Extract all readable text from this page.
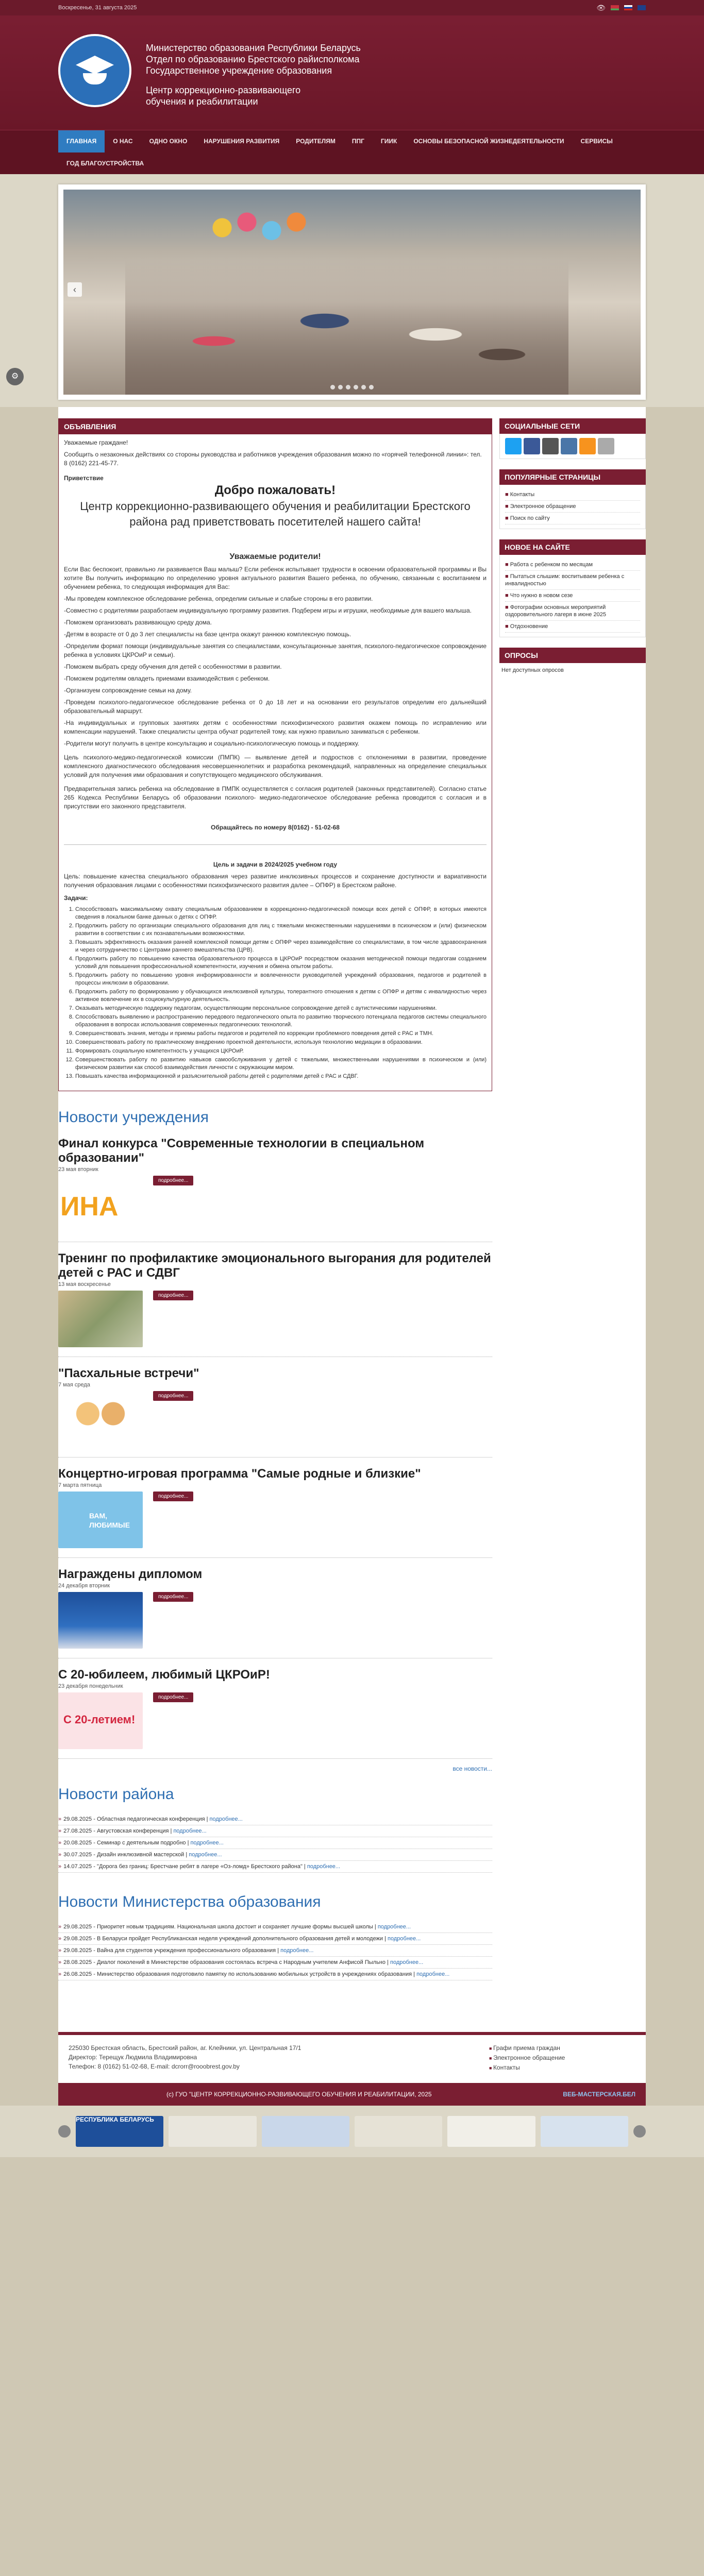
Воскресенье, 31 августа 2025	👁
Министерство образования Республики Беларусь
Отдел по образованию Брестского райисполкома
Государственное учреждение образования
Центр коррекционно-развивающего
обучения и реабилитации
ГЛАВНАЯ	О НАС	ОДНО ОКНО	НАРУШЕНИЯ РАЗВИТИЯ	РОДИТЕЛЯМ	ППГ	ГИИК	ОСНОВЫ БЕЗОПАСНОЙ ЖИЗНЕДЕЯТЕЛЬНОСТИ	СЕРВИСЫ
ГОД БЛАГОУСТРОЙСТВА
‹
⚙
ОБЪЯВЛЕНИЯ

Уважаемые граждане!

Сообщить о незаконных действиях со стороны руководства и работников учреждения образования можно по «горячей телефонной линии»: тел. 8 (0162) 221-45-77.

Приветствие

Добро пожаловать!
Центр коррекционно-развивающего обучения и реабилитации Брестского района рад приветствовать посетителей нашего сайта!
Уважаемые родители!

Если Вас беспокоит, правильно ли развивается Ваш малыш? Если ребенок испытывает трудности в освоении образовательной программы и Вы хотите Вы получить информацию по определению уровня актуального развития Вашего ребенка, по обучению, связанным с воспитанием и обучением ребенка, то следующая информация для Вас:

-Мы проведем комплексное обследование ребенка, определим сильные и слабые стороны в его развитии.

-Совместно с родителями разработаем индивидуальную программу развития. Подберем игры и игрушки, необходимые для вашего малыша.

-Поможем организовать развивающую среду дома.

-Детям в возрасте от 0 до 3 лет специалисты на базе центра окажут раннюю комплексную помощь.

-Определим формат помощи (индивидуальные занятия со специалистами, консультационные занятия, психолого-педагогическое сопровождение ребенка в условиях ЦКРОиР и семьи).

-Поможем выбрать среду обучения для детей с особенностями в развитии.

-Поможем родителям овладеть приемами взаимодействия с ребенком.

-Организуем сопровождение семьи на дому.

-Проведем психолого-педагогическое обследование ребенка от 0 до 18 лет и на основании его результатов определим его дальнейший образовательный маршрут.

-На индивидуальных и групповых занятиях детям с особенностями психофизического развития окажем помощь по исправлению или компенсации нарушений. Также специалисты центра обучат родителей тому, как нужно правильно заниматься с ребенком.

-Родители могут получить в центре консультацию и социально-психологическую помощь и поддержку.

Цель психолого-медико-педагогической комиссии (ПМПК) — выявление детей и подростков с отклонениями в развитии, проведение комплексного диагностического обследования несовершеннолетних и разработка рекомендаций, направленных на определение специальных условий для получения ими образования и сопутствующего медицинского обслуживания.

Предварительная запись ребенка на обследование в ПМПК осуществляется с согласия родителей (законных представителей). Согласно статье 265 Кодекса Республики Беларусь об образовании психолого- медико-педагогическое обследование ребенка проводится с согласия и в присутствии его законного представителя.

Обращайтесь по номеру 8(0162) - 51-02-68

Цель и задачи в 2024/2025 учебном году

Цель: повышение качества специального образования через развитие инклюзивных процессов и сохранение доступности и вариативности получения образования лицами с особенностями психофизического развития далее – ОПФР) в Брестском районе.

Задачи:

1. Способствовать максимальному охвату специальным образованием в коррекционно-педагогической помощи всех детей с ОПФР, в которых имеются сведения в локальном банке данных о детях с ОПФР.
2. Продолжить работу по организации специального образования для лиц с тяжелыми множественными нарушениями в психическом и (или) физическом развитии в соответствии с их познавательными возможностями.
3. Повышать эффективность оказания ранней комплексной помощи детям с ОПФР через взаимодействие со специалистами, в том числе здравоохранения и через сотрудничество с Центрами раннего вмешательства (ЦРВ).
4. Продолжить работу по повышению качества образовательного процесса в ЦКРОиР посредством оказания методической помощи педагогам созданием условий для повышения профессиональной компетентности, изучения и обмена опытом работы.
5. Продолжить работу по повышению уровня информированности и вовлеченности руководителей учреждений образования, педагогов и родителей в процессы инклюзии в образовании.
6. Продолжить работу по формированию у обучающихся инклюзивной культуры, толерантного отношения к детям с ОПФР и детям с инвалидностью через активное вовлечение их в социокультурную деятельность.
7. Оказывать методическую поддержку педагогам, осуществляющим персональное сопровождение детей с аутистическими нарушениями.
8. Способствовать выявлению и распространению передового педагогического опыта по развитию творческого потенциала педагогов системы специального образования в вопросах использования современных педагогических технологий.
9. Совершенствовать знания, методы и приемы работы педагогов и родителей по коррекции проблемного поведения детей с РАС и ТМН.
10. Совершенствовать работу по практическому внедрению проектной деятельности, используя технологию медиации в образовании.
11. Формировать социальную компетентность у учащихся ЦКРОиР.
12. Совершенствовать работу по развитию навыков самообслуживания у детей с тяжелыми, множественными нарушениями в психическом и (или) физическом развитии как способ взаимодействия личности с окружающим миром.
13. Повышать качества информационной и разъяснительной работы детей с родителями детей с РАС и СДВГ.
Новости учреждения
Финал конкурса "Современные технологии в специальном образовании"
23 мая вторник
ИНА
подробнее...
Тренинг по профилактике эмоционального выгорания для родителей детей с РАС и СДВГ
13 мая воскресенье
подробнее...
"Пасхальные встречи"
7 мая среда
подробнее...
Концертно-игровая программа "Самые родные и близкие"
7 марта пятница
ВАМ, ЛЮБИМЫЕ
подробнее...
Награждены дипломом
24 декабря вторник
подробнее...
С 20-юбилеем, любимый ЦКРОиР!
23 декабря понедельник
С 20-летием!
подробнее...
все новости...
Новости района
» 29.08.2025 - Областная педагогическая конференция | подробнее...
» 27.08.2025 - Августовская конференция | подробнее...
» 20.08.2025 - Семинар с деятельным подробно | подробнее...
» 30.07.2025 - Дизайн инклюзивной мастерской | подробнее...
» 14.07.2025 - "Дорога без границ: Брестчане ребят в лагере «Оз-ломд» Брестского района" | подробнее...
Новости Министерства образования
» 29.08.2025 - Приоритет новым традициям. Национальная школа достоит и сохраняет лучшие формы высшей школы | подробнее...
» 29.08.2025 - В Беларуси пройдет Республиканская неделя учреждений дополнительного образования детей и молодежи | подробнее...
» 29.08.2025 - Вайна для студентов учреждения профессионального образования | подробнее...
» 28.08.2025 - Диалог поколений в Министерстве образования состоялась встреча с Народным учителем Анфисой Пыльно | подробнее...
» 26.08.2025 - Министерство образования подготовило памятку по использованию мобильных устройств в учреждениях образования | подробнее...
СОЦИАЛЬНЫЕ СЕТИ
ПОПУЛЯРНЫЕ СТРАНИЦЫ
■ Контакты
■ Электронное обращение
■ Поиск по сайту
НОВОЕ НА САЙТЕ
■ Работа с ребенком по месяцам
■ Пытаться слышим: воспитываем ребенка с инвалидностью
■ Что нужно в новом сезе
■ Фотографии основных мероприятий оздоровительного лагеря в июне 2025
■ Отдохновение
ОПРОСЫ
Нет доступных опросов
225030 Брестская область, Брестский район, аг. Клейники, ул. Центральная 17/1
Директор: Терещук Людмила Владимировна
Телефон: 8 (0162) 51-02-68, E-mail: dcrorr@rooobrest.gov.by
■ Графи приема граждан
■ Электронное обращение
■ Контакты
(c) ГУО "ЦЕНТР КОРРЕКЦИОННО-РАЗВИВАЮЩЕГО ОБУЧЕНИЯ И РЕАБИЛИТАЦИИ, 2025	ВЕБ-МАСТЕРСКАЯ.БЕЛ
РЕСПУБЛИКА БЕЛАРУСЬ
